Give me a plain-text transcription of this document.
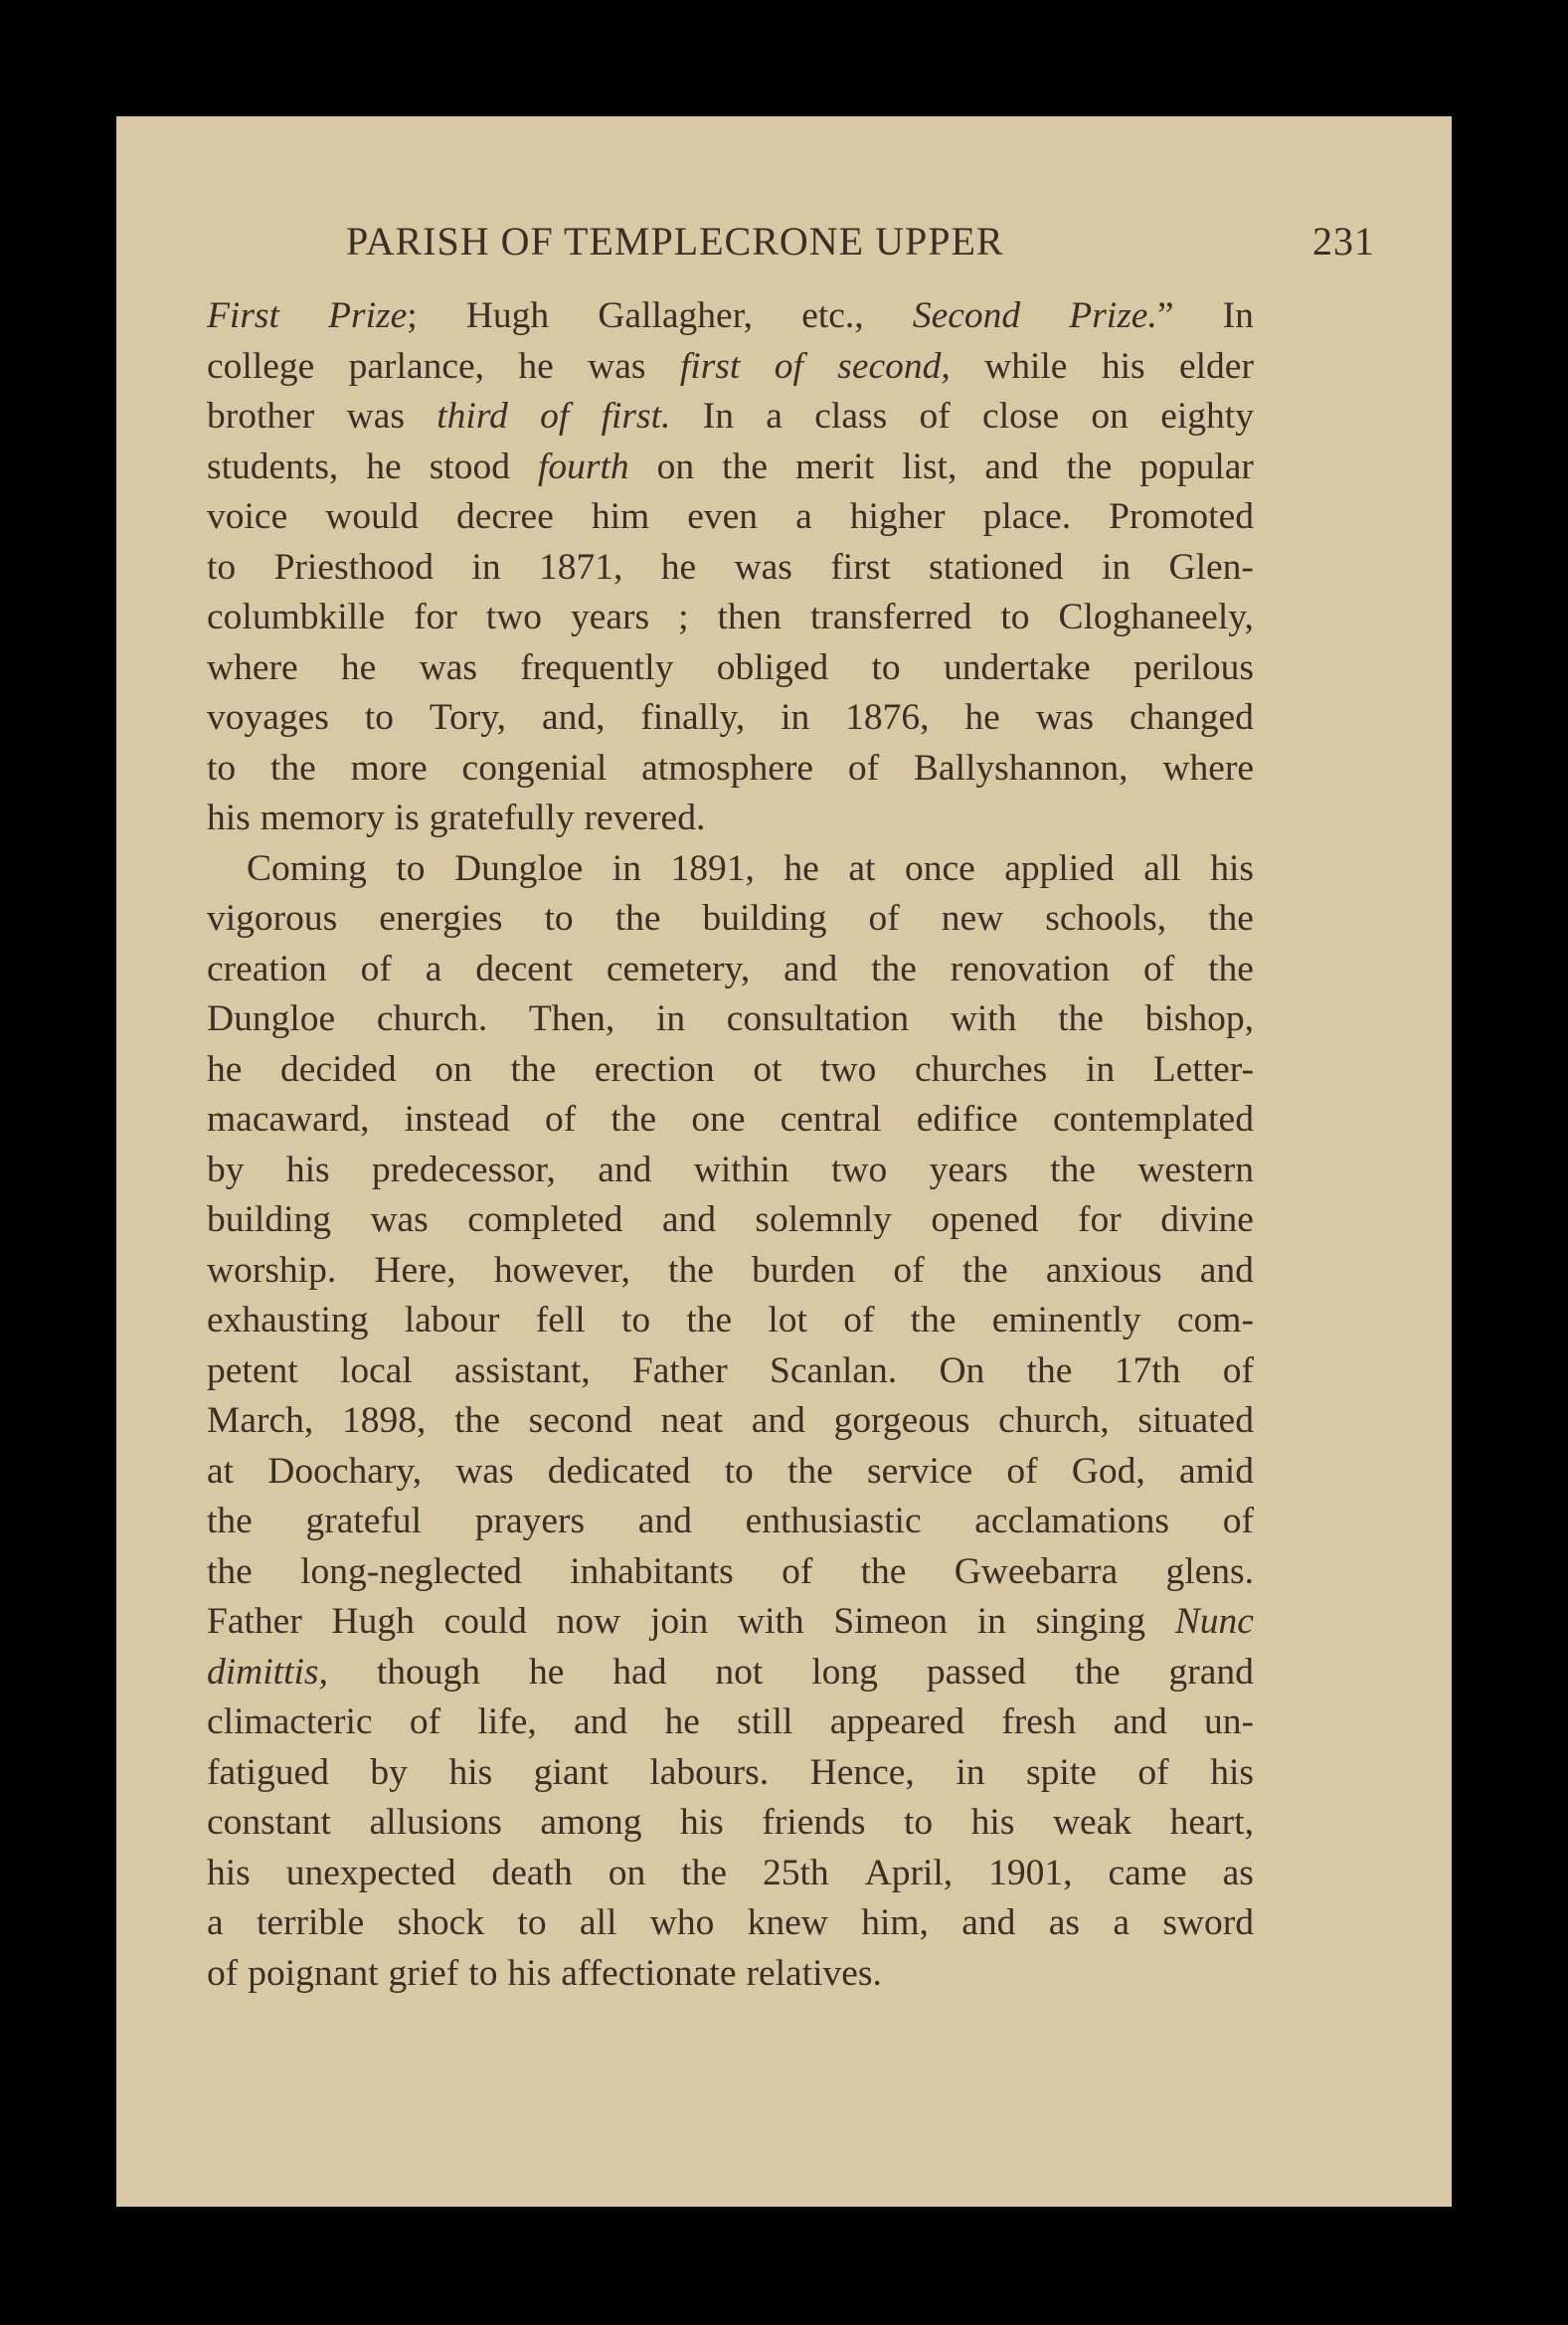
PARISH OF TEMPLECRONE UPPER	231
First Prize; Hugh Gallagher, etc., Second Prize.” In
college parlance, he was first of second, while his elder
brother was third of first. In a class of close on eighty
students, he stood fourth on the merit list, and the popular
voice would decree him even a higher place. Promoted
to Priesthood in 1871, he was first stationed in Glen-
columbkille for two years ; then transferred to Cloghaneely,
where he was frequently obliged to undertake perilous
voyages to Tory, and, finally, in 1876, he was changed
to the more congenial atmosphere of Ballyshannon, where
his memory is gratefully revered.
Coming to Dungloe in 1891, he at once applied all his
vigorous energies to the building of new schools, the
creation of a decent cemetery, and the renovation of the
Dungloe church. Then, in consultation with the bishop,
he decided on the erection ot two churches in Letter-
macaward, instead of the one central edifice contemplated
by his predecessor, and within two years the western
building was completed and solemnly opened for divine
worship. Here, however, the burden of the anxious and
exhausting labour fell to the lot of the eminently com-
petent local assistant, Father Scanlan. On the 17th of
March, 1898, the second neat and gorgeous church, situated
at Doochary, was dedicated to the service of God, amid
the grateful prayers and enthusiastic acclamations of
the long-neglected inhabitants of the Gweebarra glens.
Father Hugh could now join with Simeon in singing Nunc
dimittis, though he had not long passed the grand
climacteric of life, and he still appeared fresh and un-
fatigued by his giant labours. Hence, in spite of his
constant allusions among his friends to his weak heart,
his unexpected death on the 25th April, 1901, came as
a terrible shock to all who knew him, and as a sword
of poignant grief to his affectionate relatives.
